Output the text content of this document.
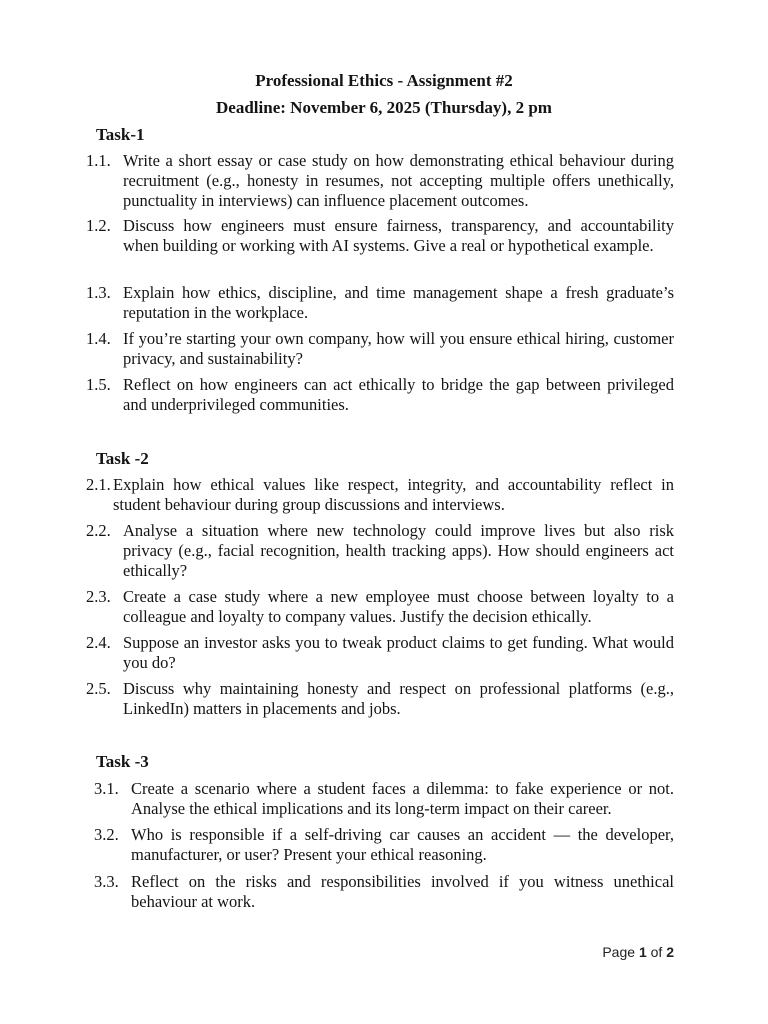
Professional Ethics - Assignment #2
Deadline: November 6, 2025 (Thursday), 2 pm
Task-1
1.1. Write a short essay or case study on how demonstrating ethical behaviour during recruitment (e.g., honesty in resumes, not accepting multiple offers unethically, punctuality in interviews) can influence placement outcomes.
1.2. Discuss how engineers must ensure fairness, transparency, and accountability when building or working with AI systems. Give a real or hypothetical example.
1.3. Explain how ethics, discipline, and time management shape a fresh graduate’s reputation in the workplace.
1.4. If you’re starting your own company, how will you ensure ethical hiring, customer privacy, and sustainability?
1.5. Reflect on how engineers can act ethically to bridge the gap between privileged and underprivileged communities.
Task -2
2.1. Explain how ethical values like respect, integrity, and accountability reflect in student behaviour during group discussions and interviews.
2.2. Analyse a situation where new technology could improve lives but also risk privacy (e.g., facial recognition, health tracking apps). How should engineers act ethically?
2.3. Create a case study where a new employee must choose between loyalty to a colleague and loyalty to company values. Justify the decision ethically.
2.4. Suppose an investor asks you to tweak product claims to get funding. What would you do?
2.5. Discuss why maintaining honesty and respect on professional platforms (e.g., LinkedIn) matters in placements and jobs.
Task -3
3.1. Create a scenario where a student faces a dilemma: to fake experience or not. Analyse the ethical implications and its long-term impact on their career.
3.2. Who is responsible if a self-driving car causes an accident — the developer, manufacturer, or user? Present your ethical reasoning.
3.3. Reflect on the risks and responsibilities involved if you witness unethical behaviour at work.
Page 1 of 2
